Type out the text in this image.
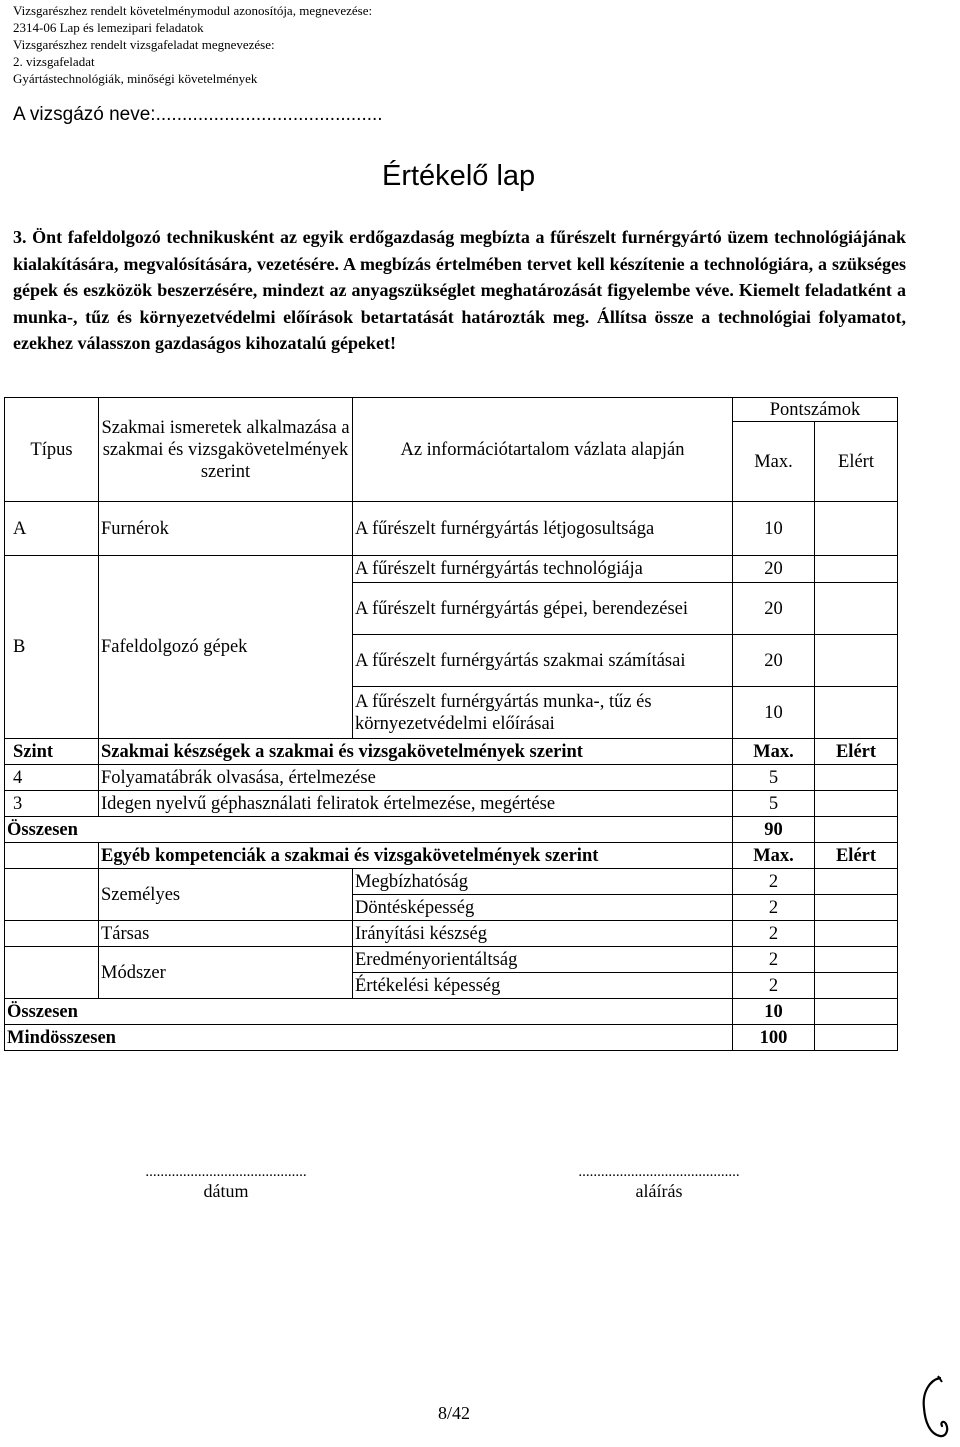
Vizsgarészhez rendelt követelménymodul azonosítója, megnevezése:
2314-06 Lap és lemezipari feladatok
Vizsgarészhez rendelt vizsgafeladat megnevezése:
2. vizsgafeladat
Gyártástechnológiák, minőségi követelmények
A vizsgázó neve:...........................................
Értékelő lap

3. Önt fafeldolgozó technikusként az egyik erdőgazdaság megbízta a fűrészelt furnérgyártó üzem technológiájának kialakítására, megvalósítására, vezetésére. A megbízás értelmében tervet kell készítenie a technológiára, a szükséges gépek és eszközök beszerzésére, mindezt az anyagszükséglet meghatározását figyelembe véve. Kiemelt feladatként a munka-, tűz és környezetvédelmi előírások betartatását határozták meg. Állítsa össze a technológiai folyamatot, ezekhez válasszon gazdaságos kihozatalú gépeket!

Típus	Szakmai ismeretek alkalmazása a szakmai és vizsgakövetelmények szerint	Az információtartalom vázlata alapján	Pontszámok	
			Max.	Elért
A	Furnérok	A fűrészelt furnérgyártás létjogosultsága	10	
B	Fafeldolgozó gépek	A fűrészelt furnérgyártás technológiája	20	
		A fűrészelt furnérgyártás gépei, berendezései	20	
		A fűrészelt furnérgyártás szakmai számításai	20	
		A fűrészelt furnérgyártás munka-, tűz és környezetvédelmi előírásai	10	
Szint	Szakmai készségek a szakmai és vizsgakövetelmények szerint		Max.	Elért
4	Folyamatábrák olvasása, értelmezése		5	
3	Idegen nyelvű géphasználati feliratok értelmezése, megértése		5	
Összesen			90	
	Egyéb kompetenciák a szakmai és vizsgakövetelmények szerint		Max.	Elért
	Személyes	Megbízhatóság	2	
		Döntésképesség	2	
	Társas	Irányítási készség	2	
	Módszer	Eredményorientáltság	2	
		Értékelési képesség	2	
Összesen			10	
Mindösszesen			100	
...........................................
dátum
...........................................
aláírás
8/42
